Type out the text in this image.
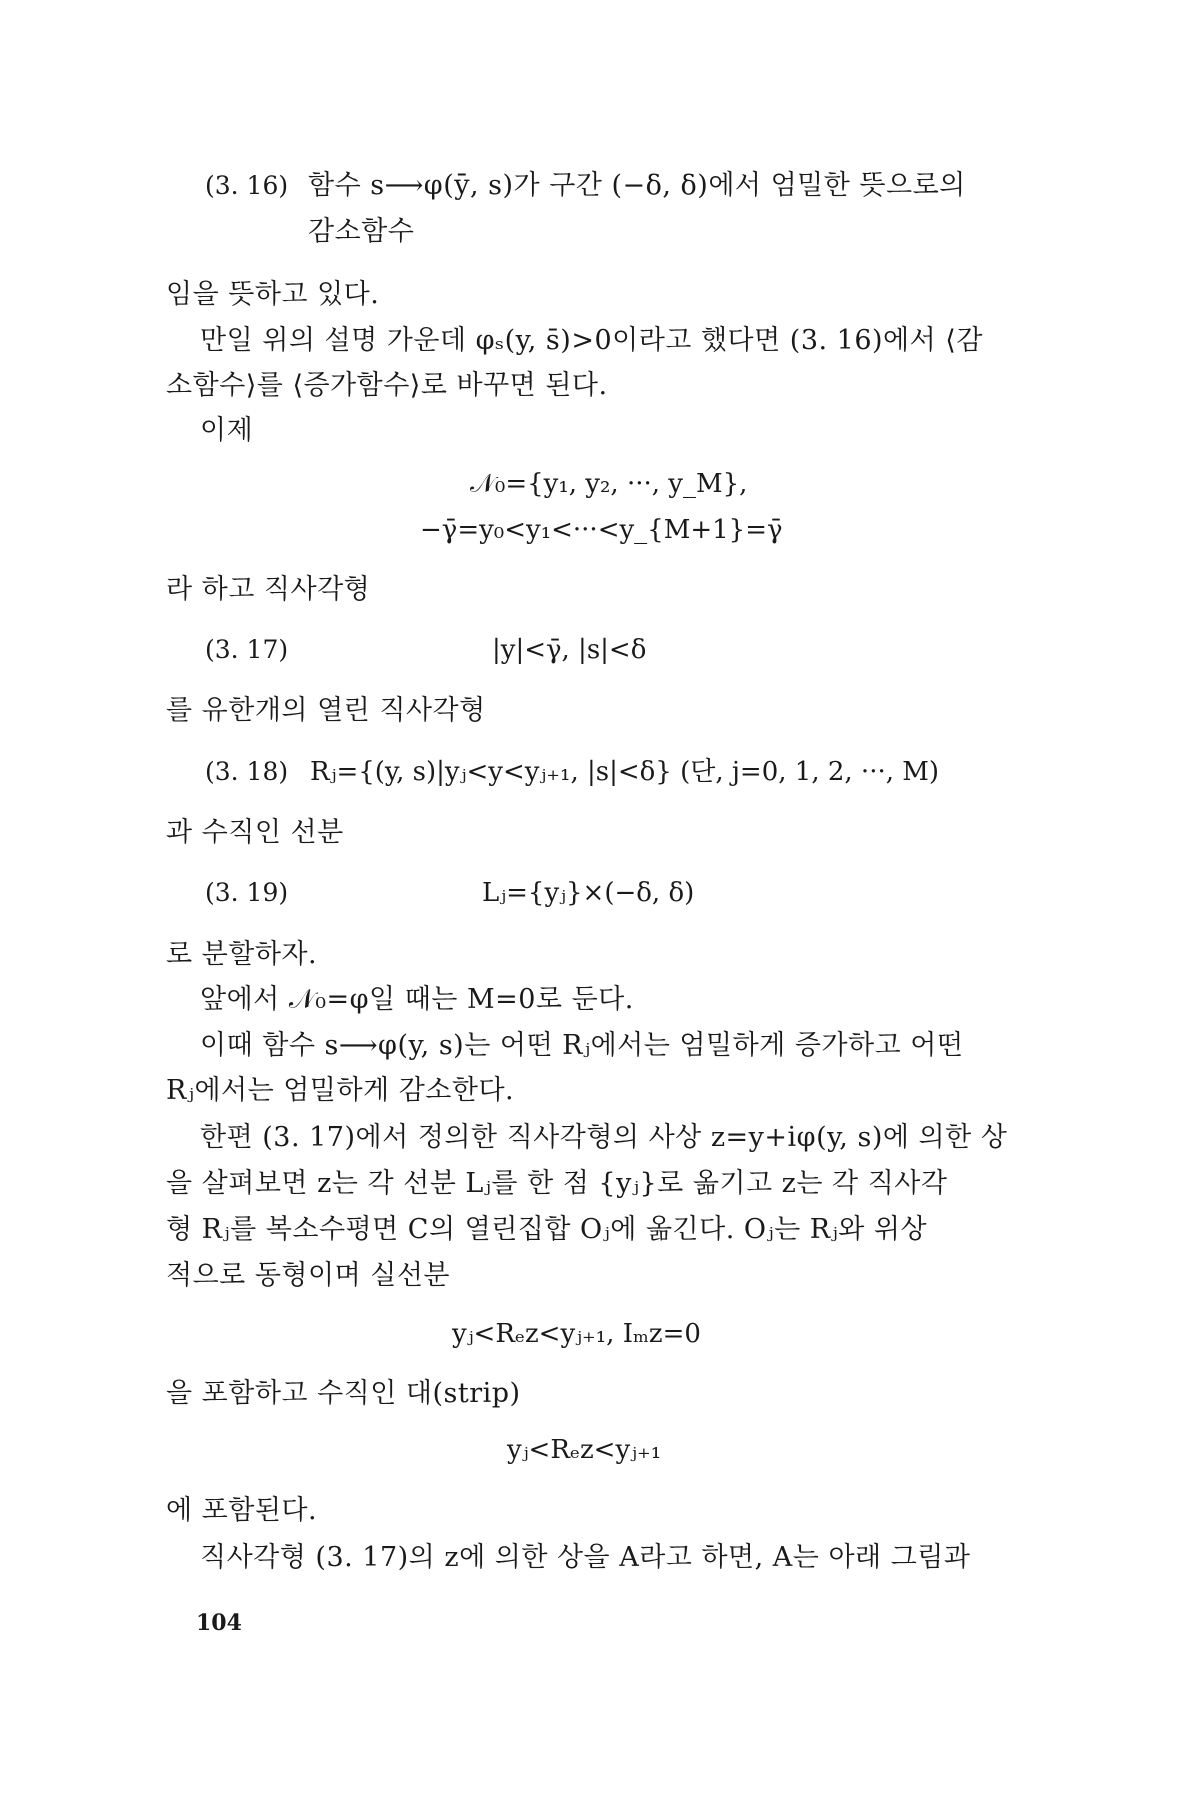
(3. 16) 함수 s⟶φ(ȳ, s)가 구간 (−δ, δ)에서 엄밀한 뜻으로의
감소함수
임을 뜻하고 있다.
만일 위의 설명 가운데 φₛ(y, s̄)>0이라고 했다면 (3. 16)에서 ⟨감
소함수⟩를 ⟨증가함수⟩로 바꾸면 된다.
이제
𝒩₀={y₁, y₂, ···, y_M},
−γ̄=y₀<y₁<···<y_{M+1}=γ̄
라 하고 직사각형
(3. 17)	|y|<γ̄, |s|<δ
를 유한개의 열린 직사각형
(3. 18) Rⱼ={(y, s)|yⱼ<y<yⱼ₊₁, |s|<δ} (단, j=0, 1, 2, ···, M)
과 수직인 선분
(3. 19)	Lⱼ={yⱼ}×(−δ, δ)
로 분할하자.
앞에서 𝒩₀=φ일 때는 M=0로 둔다.
이때 함수 s⟶φ(y, s)는 어떤 Rⱼ에서는 엄밀하게 증가하고 어떤
Rⱼ에서는 엄밀하게 감소한다.
한편 (3. 17)에서 정의한 직사각형의 사상 z=y+iφ(y, s)에 의한 상
을 살펴보면 z는 각 선분 Lⱼ를 한 점 {yⱼ}로 옮기고 z는 각 직사각
형 Rⱼ를 복소수평면 C의 열린집합 Oⱼ에 옮긴다. Oⱼ는 Rⱼ와 위상
적으로 동형이며 실선분
yⱼ<Rₑz<yⱼ₊₁, Iₘz=0
을 포함하고 수직인 대(strip)
yⱼ<Rₑz<yⱼ₊₁
에 포함된다.
직사각형 (3. 17)의 z에 의한 상을 A라고 하면, A는 아래 그림과
104
